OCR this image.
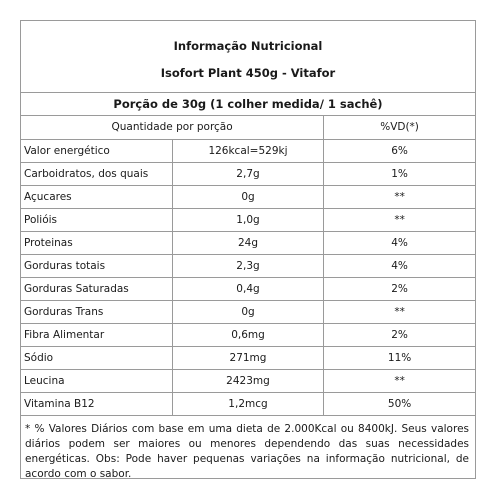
Informação Nutricional
Isofort Plant 450g - Vitafor
Porção de 30g (1 colher medida/ 1 sachê)
Quantidade por porção		%VD(*)
Valor energético	126kcal=529kj	6%
Carboidratos, dos quais	2,7g	1%
Açucares	0g	**
Polióis	1,0g	**
Proteinas	24g	4%
Gorduras totais	2,3g	4%
Gorduras Saturadas	0,4g	2%
Gorduras Trans	0g	**
Fibra Alimentar	0,6mg	2%
Sódio	271mg	11%
Leucina	2423mg	**
Vitamina B12	1,2mcg	50%
* % Valores Diários com base em uma dieta de 2.000Kcal ou 8400kJ. Seus valores diários podem ser maiores ou menores dependendo das suas necessidades energéticas. Obs: Pode haver pequenas variações na informação nutricional, de acordo com o sabor.
